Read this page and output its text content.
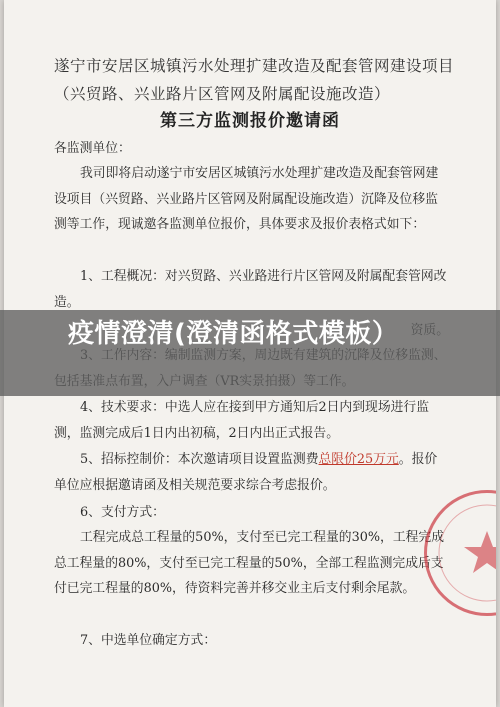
遂宁市安居区城镇污水处理扩建改造及配套管网建设项目（兴贸路、兴业路片区管网及附属配设施改造）
第三方监测报价邀请函
各监测单位：
我司即将启动遂宁市安居区城镇污水处理扩建改造及配套管网建设项目（兴贸路、兴业路片区管网及附属配设施改造）沉降及位移监测等工作，现诚邀各监测单位报价，具体要求及报价表格式如下：
1、工程概况：对兴贸路、兴业路进行片区管网及附属配套管网改造。
4、技术要求：中选人应在接到甲方通知后2日内到现场进行监测，监测完成后1日内出初稿，2日内出正式报告。
5、招标控制价：本次邀请项目设置监测费总限价25万元。报价单位应根据邀请函及相关规范要求综合考虑报价。
6、支付方式：
工程完成总工程量的50%，支付至已完工程量的30%，工程完成总工程量的80%，支付至已完工程量的50%，全部工程监测完成后支付已完工程量的80%，待资料完善并移交业主后支付剩余尾款。
7、中选单位确定方式：
疫情澄清(澄清函格式模板）
